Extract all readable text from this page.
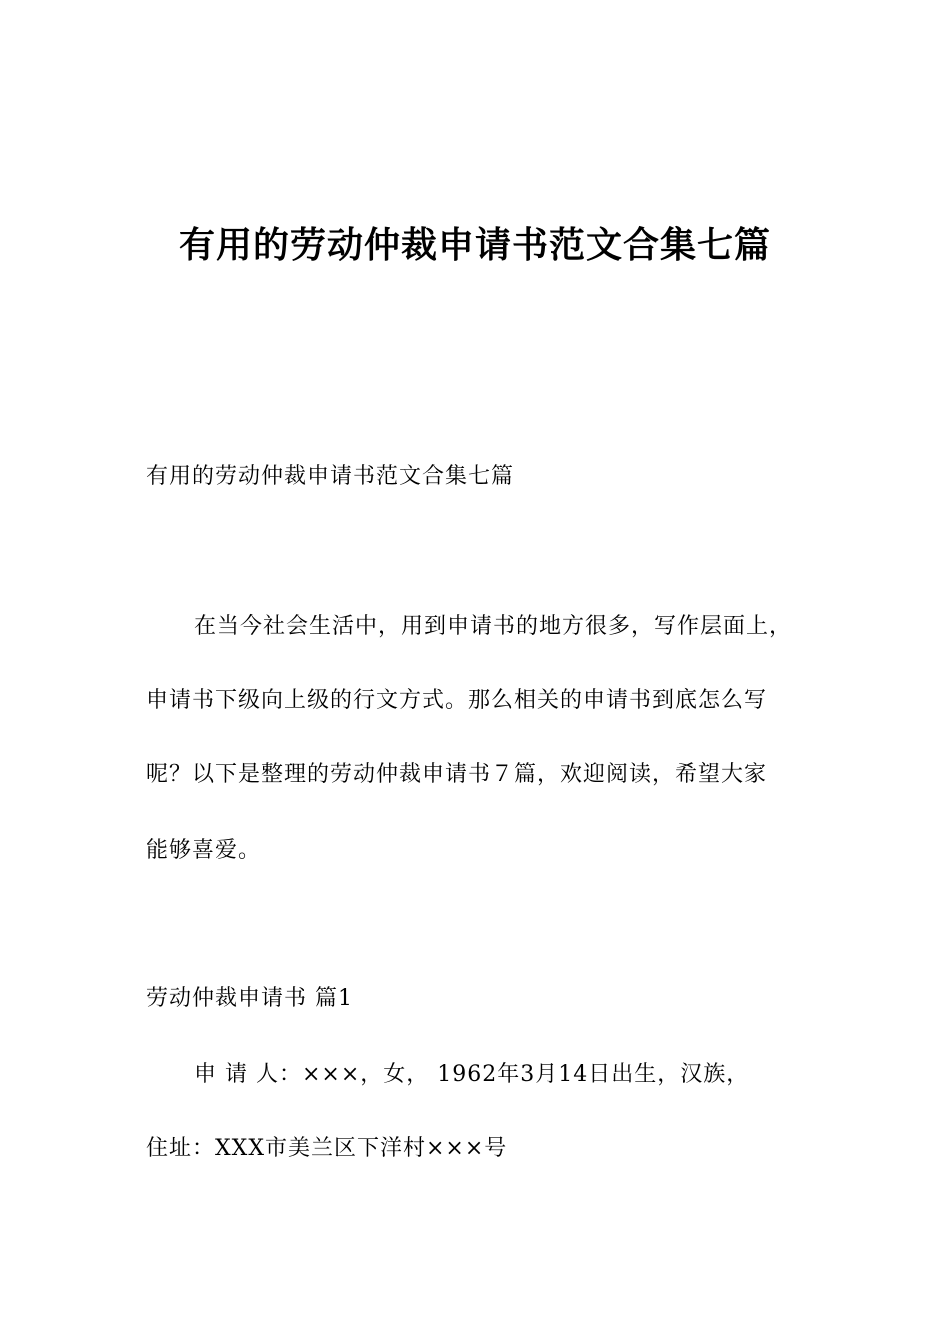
有用的劳动仲裁申请书范文合集七篇

有用的劳动仲裁申请书范文合集七篇

在当今社会生活中，用到申请书的地方很多，写作层面上，

申请书下级向上级的行文方式。那么相关的申请书到底怎么写

呢？以下是整理的劳动仲裁申请书７篇，欢迎阅读，希望大家

能够喜爱。

劳动仲裁申请书 篇1

申 请 人：×××，女， 1962年3月14日出生，汉族，

住址：XXX市美兰区下洋村×××号
